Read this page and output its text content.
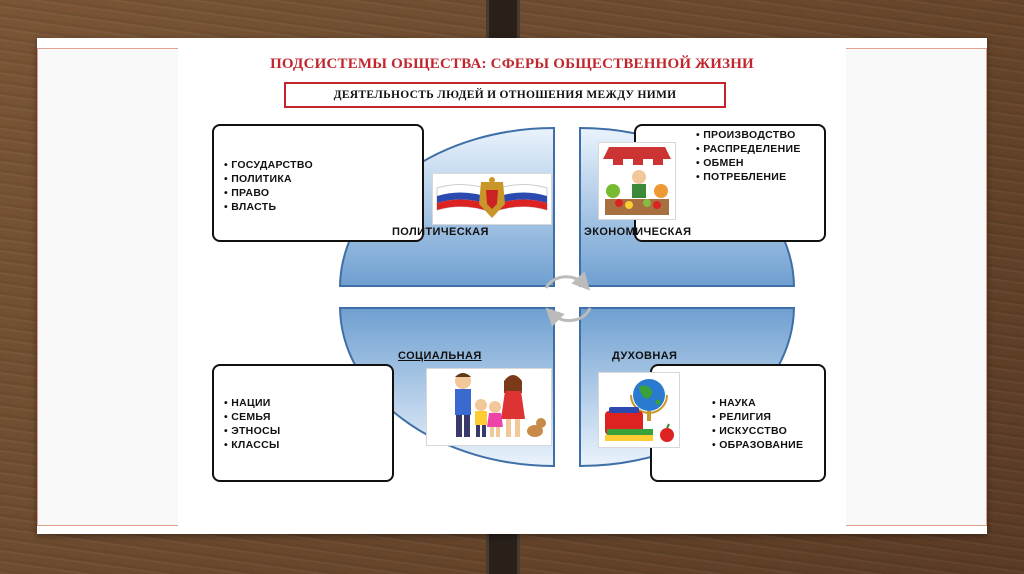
ПОДСИСТЕМЫ ОБЩЕСТВА: СФЕРЫ ОБЩЕСТВЕННОЙ ЖИЗНИ
ДЕЯТЕЛЬНОСТЬ ЛЮДЕЙ И ОТНОШЕНИЯ МЕЖДУ НИМИ
• ГОСУДАРСТВО
• ПОЛИТИКА
• ПРАВО
• ВЛАСТЬ
• ПРОИЗВОДСТВО
• РАСПРЕДЕЛЕНИЕ
• ОБМЕН
• ПОТРЕБЛЕНИЕ
• НАЦИИ
• СЕМЬЯ
• ЭТНОСЫ
• КЛАССЫ
• НАУКА
• РЕЛИГИЯ
• ИСКУССТВО
• ОБРАЗОВАНИЕ
ПОЛИТИЧЕСКАЯ	ЭКОНОМИЧЕСКАЯ
СОЦИАЛЬНАЯ	ДУХОВНАЯ
